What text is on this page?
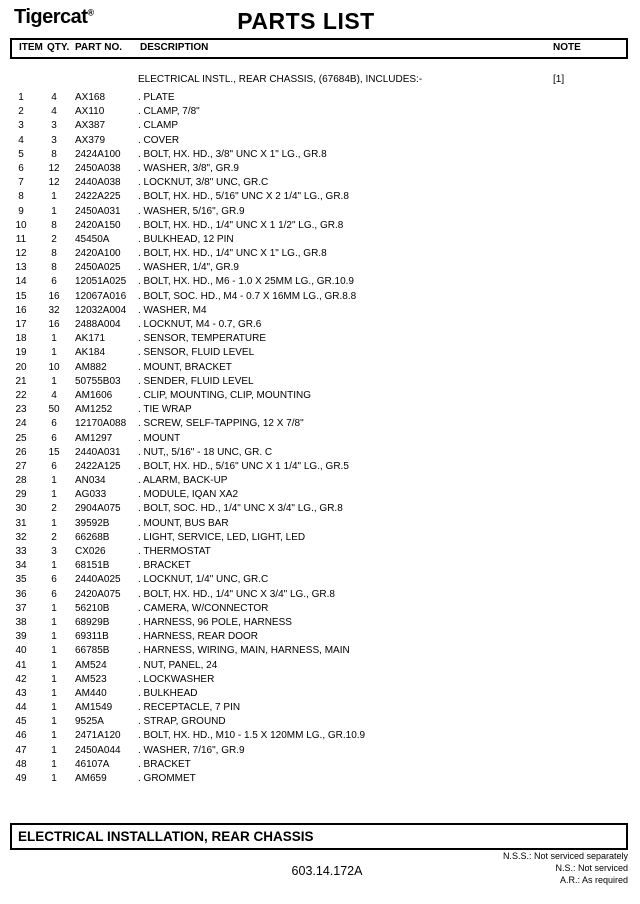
Tigercat®	PARTS LIST
ITEM QTY. PART NO. DESCRIPTION	NOTE
ELECTRICAL INSTL., REAR CHASSIS, (67684B), INCLUDES:-	[1]
1	4	AX168	. PLATE
2	4	AX110	. CLAMP, 7/8"
3	3	AX387	. CLAMP
4	3	AX379	. COVER
5	8	2424A100 . BOLT, HX. HD., 3/8" UNC X 1" LG., GR.8
6	12	2450A038 . WASHER, 3/8", GR.9
7	12	2440A038 . LOCKNUT, 3/8" UNC, GR.C
8	1	2422A225 . BOLT, HX. HD., 5/16" UNC X 2 1/4" LG., GR.8
9	1	2450A031 . WASHER, 5/16", GR.9
10	8	2420A150 . BOLT, HX. HD., 1/4" UNC X 1 1/2" LG., GR.8
11	2	45450A	. BULKHEAD, 12 PIN
12	8	2420A100 . BOLT, HX. HD., 1/4" UNC X 1" LG., GR.8
13	8	2450A025 . WASHER, 1/4", GR.9
14	6	12051A025 . BOLT, HX. HD., M6 - 1.0 X 25MM LG., GR.10.9
15	16	12067A016 . BOLT, SOC. HD., M4 - 0.7 X 16MM LG., GR.8.8
16	32	12032A004 . WASHER, M4
17	16	2488A004 . LOCKNUT, M4 - 0.7, GR.6
18	1	AK171	. SENSOR, TEMPERATURE
19	1	AK184	. SENSOR, FLUID LEVEL
20	10	AM882	. MOUNT, BRACKET
21	1	50755B03 . SENDER, FLUID LEVEL
22	4	AM1606	. CLIP, MOUNTING, CLIP, MOUNTING
23	50	AM1252	. TIE WRAP
24	6	12170A088 . SCREW, SELF-TAPPING, 12 X 7/8"
25	6	AM1297	. MOUNT
26	15	2440A031 . NUT,, 5/16" - 18 UNC, GR. C
27	6	2422A125 . BOLT, HX. HD., 5/16" UNC X 1 1/4" LG., GR.5
28	1	AN034	. ALARM, BACK-UP
29	1	AG033	. MODULE, IQAN XA2
30	2	2904A075 . BOLT, SOC. HD., 1/4" UNC X 3/4" LG., GR.8
31	1	39592B	. MOUNT, BUS BAR
32	2	66268B	. LIGHT, SERVICE, LED, LIGHT, LED
33	3	CX026	. THERMOSTAT
34	1	68151B	. BRACKET
35	6	2440A025 . LOCKNUT, 1/4" UNC, GR.C
36	6	2420A075 . BOLT, HX. HD., 1/4" UNC X 3/4" LG., GR.8
37	1	56210B	. CAMERA, W/CONNECTOR
38	1	68929B	. HARNESS, 96 POLE, HARNESS
39	1	69311B	. HARNESS, REAR DOOR
40	1	66785B	. HARNESS, WIRING, MAIN, HARNESS, MAIN
41	1	AM524	. NUT, PANEL, 24
42	1	AM523	. LOCKWASHER
43	1	AM440	. BULKHEAD
44	1	AM1549	. RECEPTACLE, 7 PIN
45	1	9525A	. STRAP, GROUND
46	1	2471A120 . BOLT, HX. HD., M10 - 1.5 X 120MM LG., GR.10.9
47	1	2450A044 . WASHER, 7/16", GR.9
48	1	46107A	. BRACKET
49	1	AM659	. GROMMET
ELECTRICAL INSTALLATION, REAR CHASSIS
N.S.S.: Not serviced separately
N.S.: Not serviced
A.R.: As required
603.14.172A
